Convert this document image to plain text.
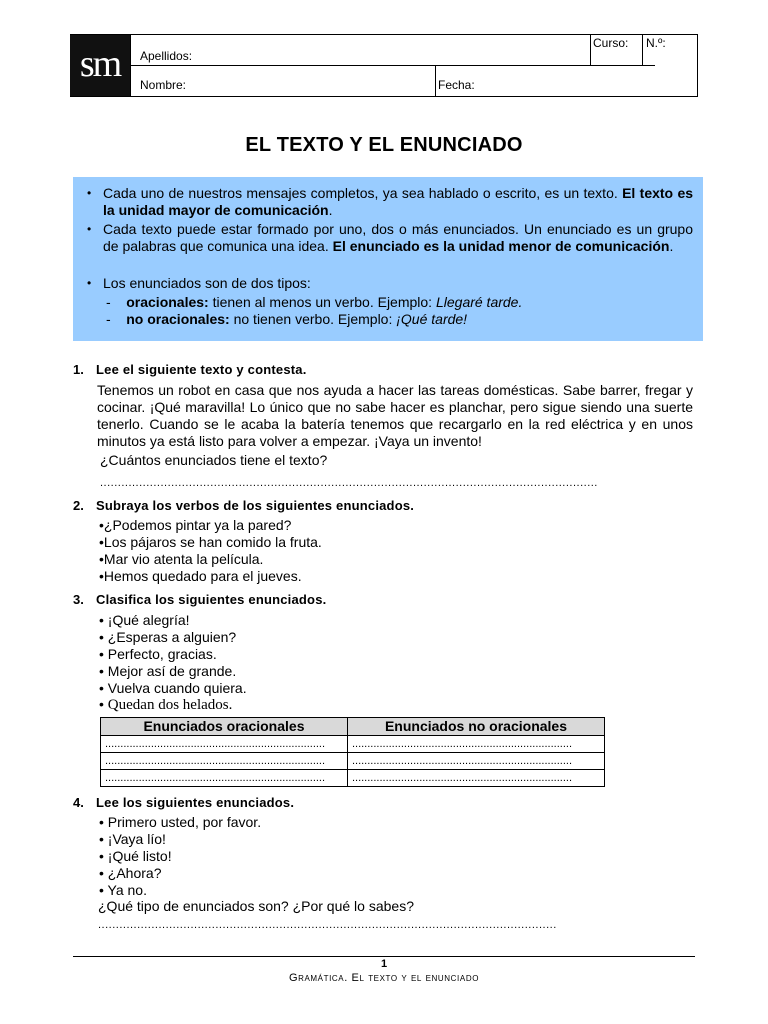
sm	Apellidos:
Curso: N.º:
Nombre:	Fecha:
EL TEXTO Y EL ENUNCIADO
• Cada uno de nuestros mensajes completos, ya sea hablado o escrito, es un texto. El texto es la unidad mayor de comunicación.
• Cada texto puede estar formado por uno, dos o más enunciados. Un enunciado es un grupo de palabras que comunica una idea. El enunciado es la unidad menor de comunicación.
• Los enunciados son de dos tipos:
- oracionales: tienen al menos un verbo. Ejemplo: Llegaré tarde.
- no oracionales: no tienen verbo. Ejemplo: ¡Qué tarde!
1. Lee el siguiente texto y contesta.
Tenemos un robot en casa que nos ayuda a hacer las tareas domésticas. Sabe barrer, fregar y cocinar. ¡Qué maravilla! Lo único que no sabe hacer es planchar, pero sigue siendo una suerte tenerlo. Cuando se le acaba la batería tenemos que recargarlo en la red eléctrica y en unos minutos ya está listo para volver a empezar. ¡Vaya un invento!
¿Cuántos enunciados tiene el texto?
............................................................................................................................................
2. Subraya los verbos de los siguientes enunciados.
•¿Podemos pintar ya la pared?
•Los pájaros se han comido la fruta.
•Mar vio atenta la película.
•Hemos quedado para el jueves.
3. Clasifica los siguientes enunciados.
• ¡Qué alegría!
• ¿Esperas a alguien?
• Perfecto, gracias.
• Mejor así de grande.
• Vuelva cuando quiera.
• Quedan dos helados.
Enunciados oracionales	Enunciados no oracionales
........................................................................	........................................................................
........................................................................	........................................................................
........................................................................	........................................................................
4. Lee los siguientes enunciados.
• Primero usted, por favor.
• ¡Vaya lío!
• ¡Qué listo!
• ¿Ahora?
• Ya no.
¿Qué tipo de enunciados son? ¿Por qué lo sabes?
.................................................................................................................................
1
Gramática. El texto y el enunciado
